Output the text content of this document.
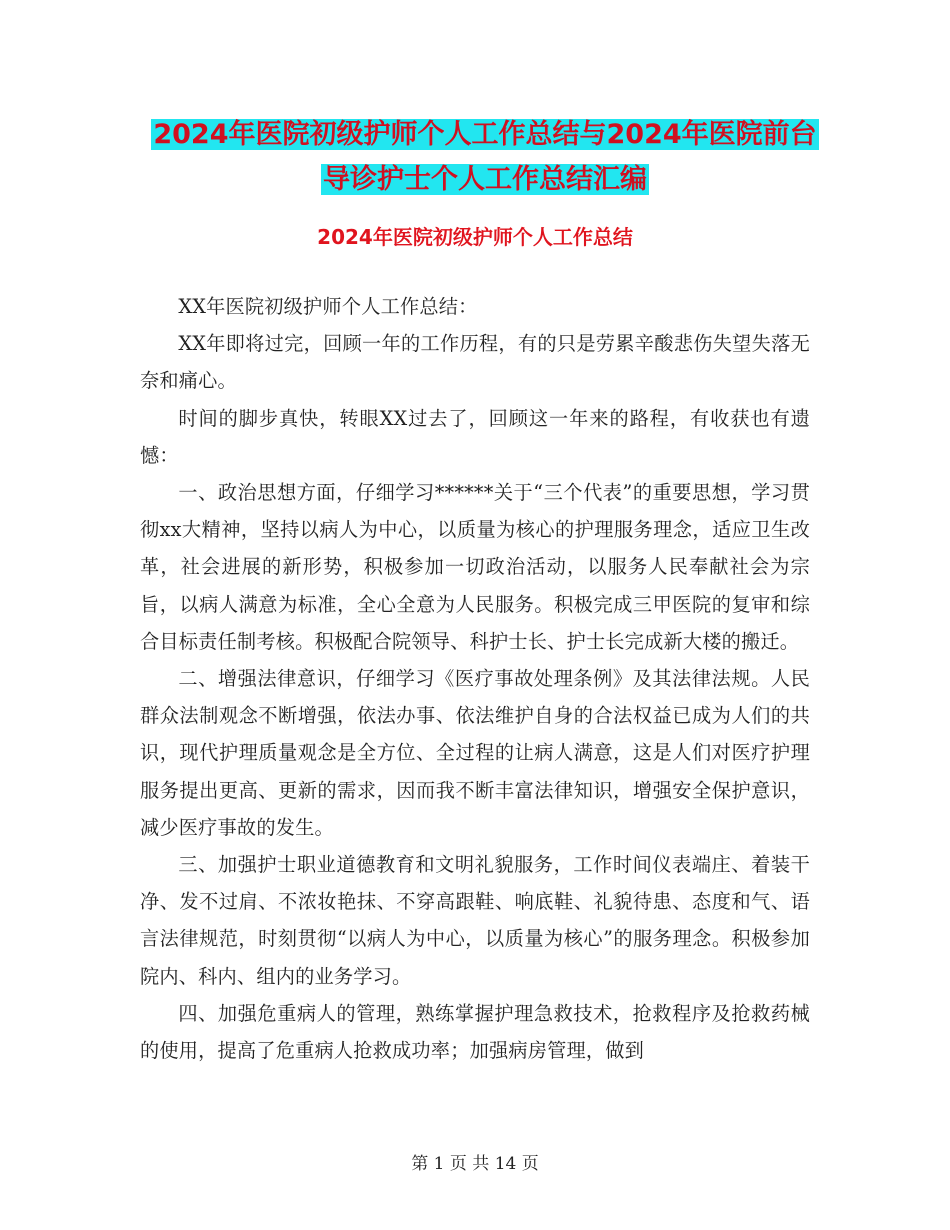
2024年医院初级护师个人工作总结与2024年医院前台
导诊护士个人工作总结汇编
2024年医院初级护师个人工作总结

XX年医院初级护师个人工作总结：

XX年即将过完，回顾一年的工作历程，有的只是劳累辛酸悲伤失望失落无奈和痛心。

时间的脚步真快，转眼XX过去了，回顾这一年来的路程，有收获也有遗憾：

一、政治思想方面，仔细学习******关于“三个代表”的重要思想，学习贯彻xx大精神，坚持以病人为中心，以质量为核心的护理服务理念，适应卫生改革，社会进展的新形势，积极参加一切政治活动，以服务人民奉献社会为宗旨，以病人满意为标准，全心全意为人民服务。积极完成三甲医院的复审和综合目标责任制考核。积极配合院领导、科护士长、护士长完成新大楼的搬迁。

二、增强法律意识，仔细学习《医疗事故处理条例》及其法律法规。人民群众法制观念不断增强，依法办事、依法维护自身的合法权益已成为人们的共识，现代护理质量观念是全方位、全过程的让病人满意，这是人们对医疗护理服务提出更高、更新的需求，因而我不断丰富法律知识，增强安全保护意识，减少医疗事故的发生。

三、加强护士职业道德教育和文明礼貌服务，工作时间仪表端庄、着装干净、发不过肩、不浓妆艳抹、不穿高跟鞋、响底鞋、礼貌待患、态度和气、语言法律规范，时刻贯彻“以病人为中心，以质量为核心”的服务理念。积极参加院内、科内、组内的业务学习。

四、加强危重病人的管理，熟练掌握护理急救技术，抢救程序及抢救药械的使用，提高了危重病人抢救成功率；加强病房管理，做到

第 1 页 共 14 页
